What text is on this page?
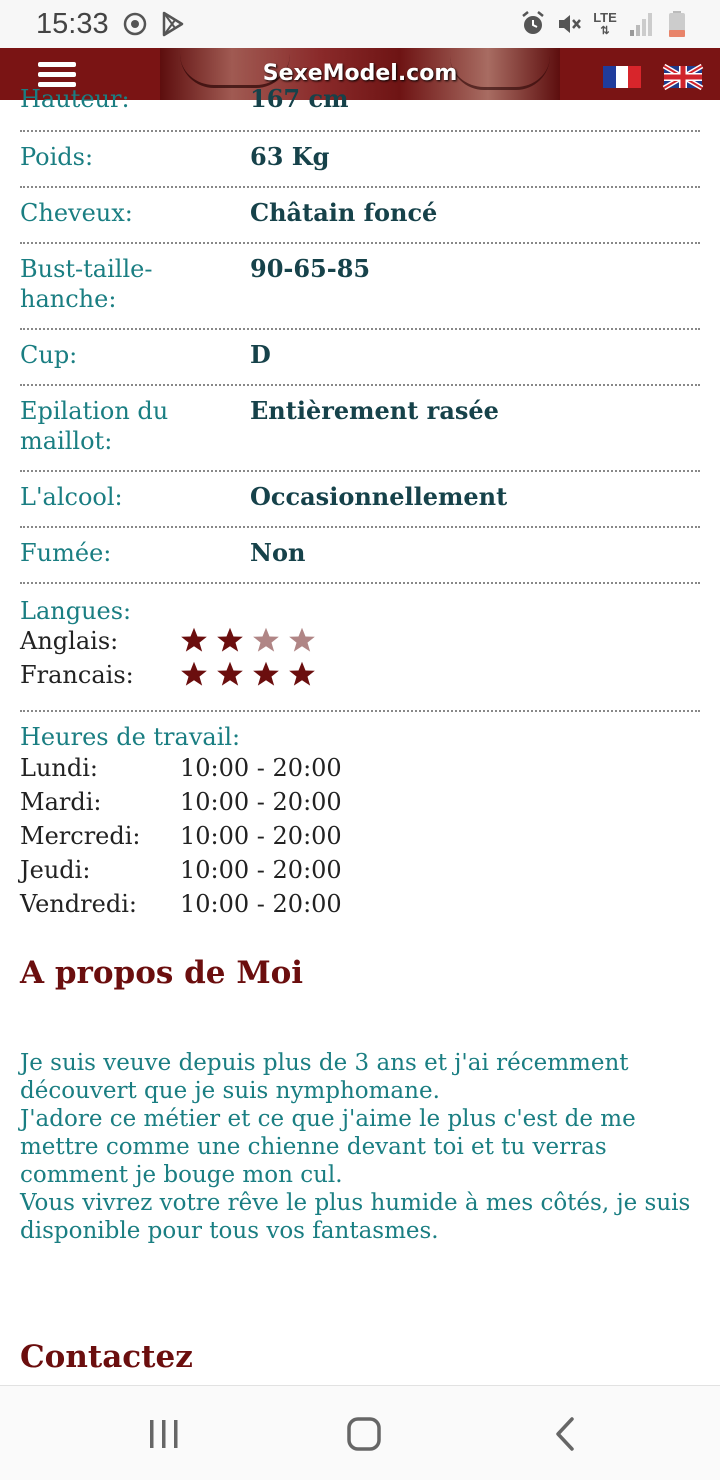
15:33	LTE
⇅
SexeModel.com
Hauteur:	167 cm
Poids:	63 Kg
Cheveux:	Châtain foncé
Bust-taille-hanche:
90-65-85
Cup:	D
Epilation du maillot:
Entièrement rasée
L'alcool:	Occasionnellement
Fumée:	Non
Langues:
Anglais:
Francais:
Heures de travail:
Lundi:	10:00 - 20:00
Mardi:	10:00 - 20:00
Mercredi: 10:00 - 20:00
Jeudi:	10:00 - 20:00
Vendredi: 10:00 - 20:00
A propos de Moi
Je suis veuve depuis plus de 3 ans et j'ai récemment découvert que je suis nymphomane.
J'adore ce métier et ce que j'aime le plus c'est de me mettre comme une chienne devant toi et tu verras comment je bouge mon cul.
Vous vivrez votre rêve le plus humide à mes côtés, je suis disponible pour tous vos fantasmes.
Contactez
